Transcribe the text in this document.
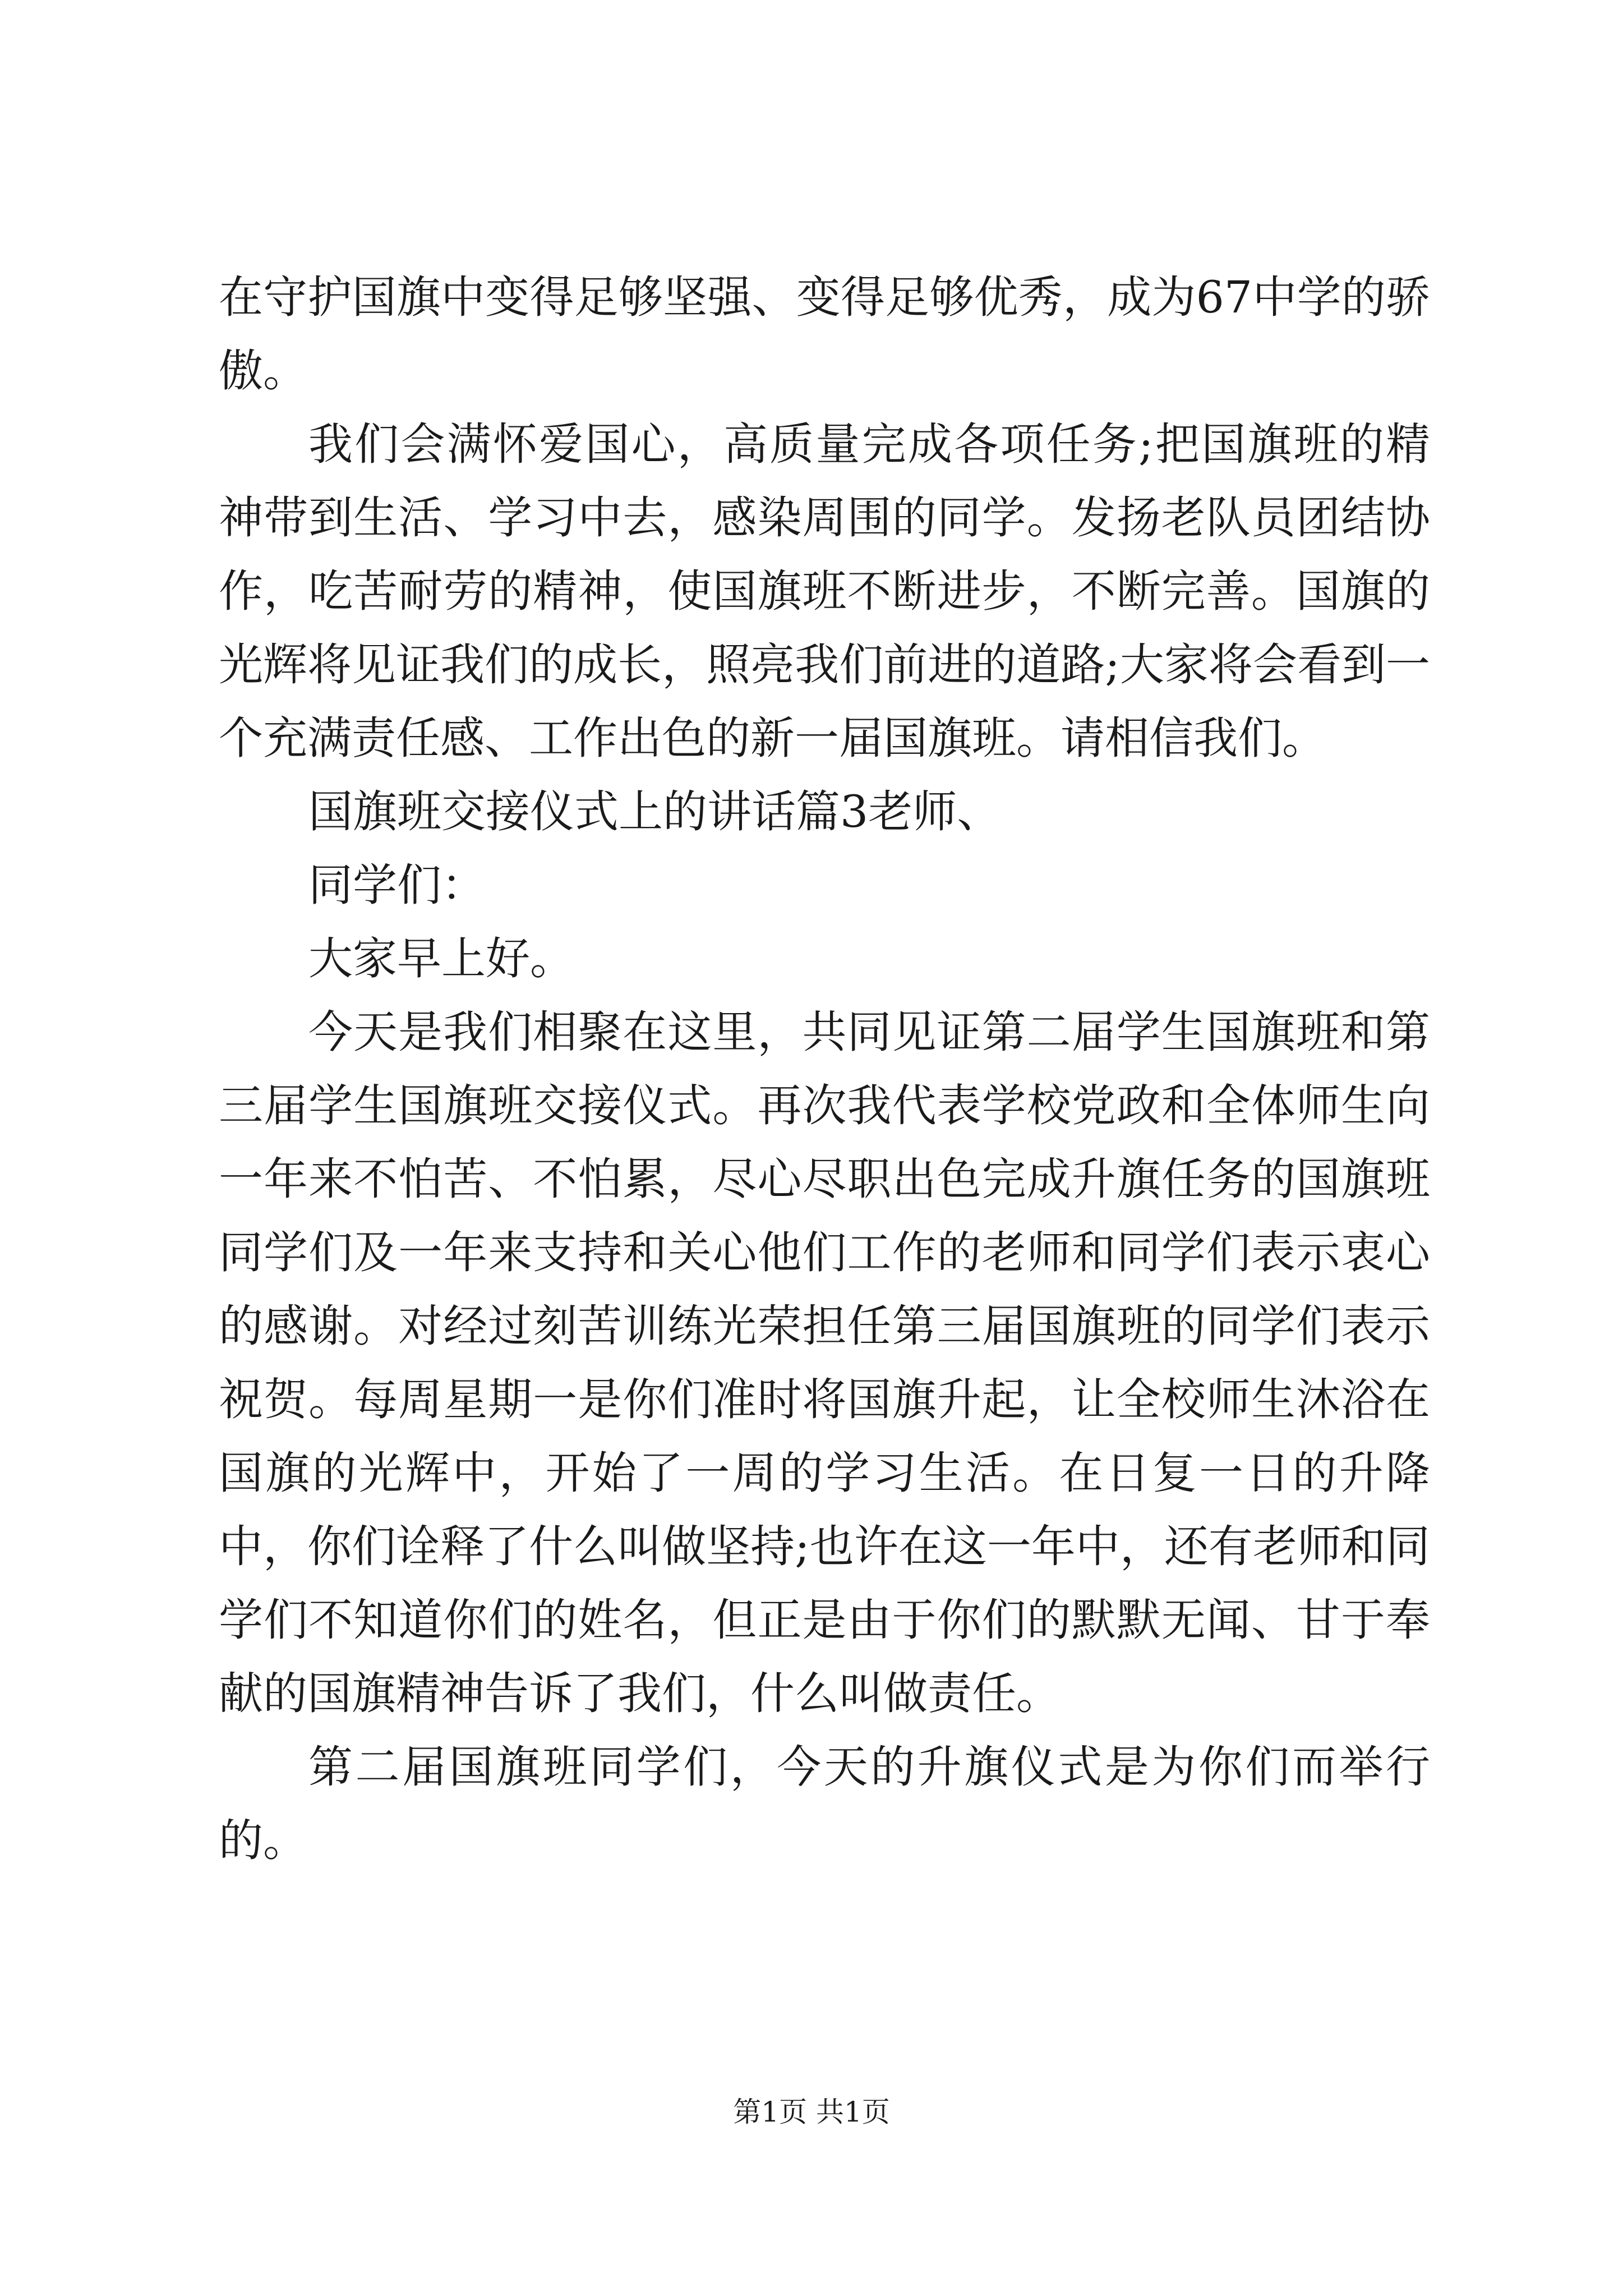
在守护国旗中变得足够坚强、变得足够优秀，成为67中学的骄傲。

我们会满怀爱国心，高质量完成各项任务;把国旗班的精神带到生活、学习中去，感染周围的同学。发扬老队员团结协作，吃苦耐劳的精神，使国旗班不断进步，不断完善。国旗的光辉将见证我们的成长，照亮我们前进的道路;大家将会看到一个充满责任感、工作出色的新一届国旗班。请相信我们。

国旗班交接仪式上的讲话篇3老师、

同学们：

大家早上好。

今天是我们相聚在这里，共同见证第二届学生国旗班和第三届学生国旗班交接仪式。再次我代表学校党政和全体师生向一年来不怕苦、不怕累，尽心尽职出色完成升旗任务的国旗班同学们及一年来支持和关心他们工作的老师和同学们表示衷心的感谢。对经过刻苦训练光荣担任第三届国旗班的同学们表示祝贺。每周星期一是你们准时将国旗升起，让全校师生沐浴在国旗的光辉中，开始了一周的学习生活。在日复一日的升降中，你们诠释了什么叫做坚持;也许在这一年中，还有老师和同学们不知道你们的姓名，但正是由于你们的默默无闻、甘于奉献的国旗精神告诉了我们，什么叫做责任。

第二届国旗班同学们，今天的升旗仪式是为你们而举行的。

第1页 共1页
